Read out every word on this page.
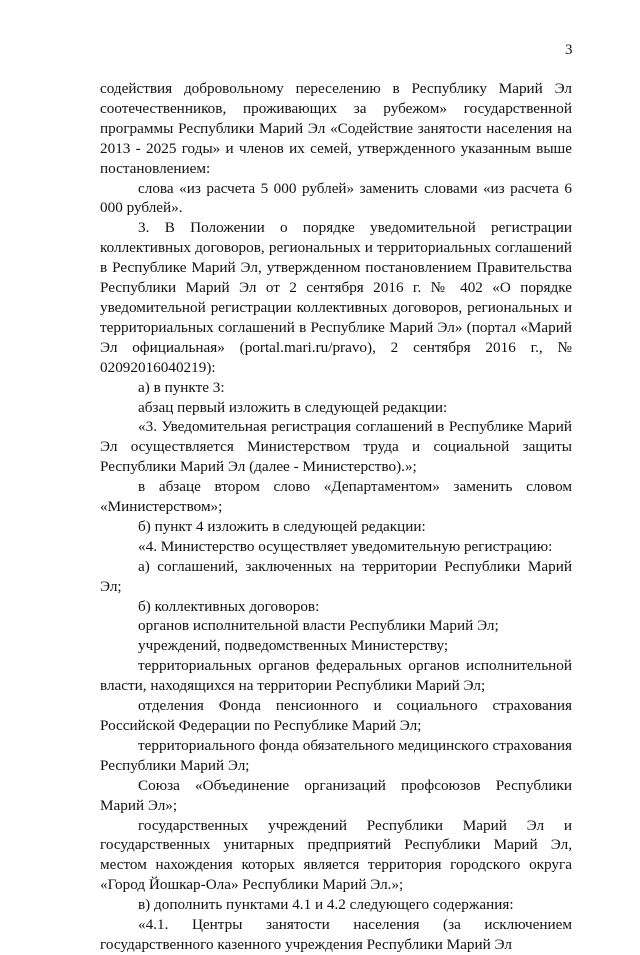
3

содействия добровольному переселению в Республику Марий Эл соотечественников, проживающих за рубежом» государственной программы Республики Марий Эл «Содействие занятости населения на 2013 - 2025 годы» и членов их семей, утвержденного указанным выше постановлением:

слова «из расчета 5 000 рублей» заменить словами «из расчета 6 000 рублей».

3. В Положении о порядке уведомительной регистрации коллективных договоров, региональных и территориальных соглашений в Республике Марий Эл, утвержденном постановлением Правительства Республики Марий Эл от 2 сентября 2016 г. № 402 «О порядке уведомительной регистрации коллективных договоров, региональных и территориальных соглашений в Республике Марий Эл» (портал «Марий Эл официальная» (portal.mari.ru/pravo), 2 сентября 2016 г., № 02092016040219):

а) в пункте 3:

абзац первый изложить в следующей редакции:

«3. Уведомительная регистрация соглашений в Республике Марий Эл осуществляется Министерством труда и социальной защиты Республики Марий Эл (далее - Министерство).»;

в абзаце втором слово «Департаментом» заменить словом «Министерством»;

б) пункт 4 изложить в следующей редакции:

«4. Министерство осуществляет уведомительную регистрацию:

а) соглашений, заключенных на территории Республики Марий Эл;

б) коллективных договоров:

органов исполнительной власти Республики Марий Эл;

учреждений, подведомственных Министерству;

территориальных органов федеральных органов исполнительной власти, находящихся на территории Республики Марий Эл;

отделения Фонда пенсионного и социального страхования Российской Федерации по Республике Марий Эл;

территориального фонда обязательного медицинского страхования Республики Марий Эл;

Союза «Объединение организаций профсоюзов Республики Марий Эл»;

государственных учреждений Республики Марий Эл и государственных унитарных предприятий Республики Марий Эл, местом нахождения которых является территория городского округа «Город Йошкар-Ола» Республики Марий Эл.»;

в) дополнить пунктами 4.1 и 4.2 следующего содержания:

«4.1. Центры занятости населения (за исключением государственного казенного учреждения Республики Марий Эл
